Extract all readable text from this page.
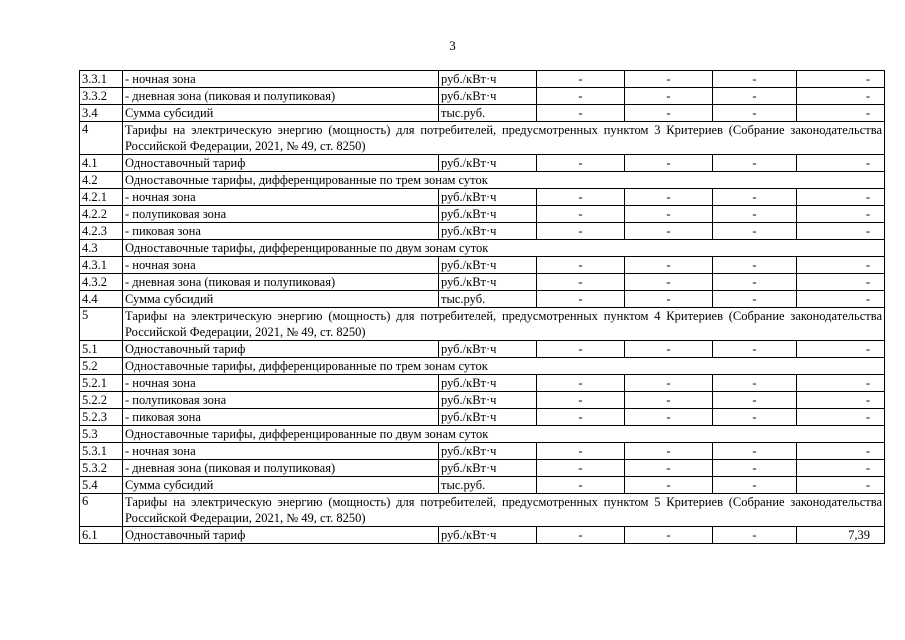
3
3.3.1	- ночная зона	руб./кВт·ч	-	-	-	-
3.3.2	- дневная зона (пиковая и полупиковая)	руб./кВт·ч	-	-	-	-
3.4	Сумма субсидий	тыс.руб.	-	-	-	-
4	Тарифы на электрическую энергию (мощность) для потребителей, предусмотренных пунктом 3 Критериев (Собрание законодательства Российской Федерации, 2021, № 49, ст. 8250)					
4.1	Одноставочный тариф	руб./кВт·ч	-	-	-	-
4.2	Одноставочные тарифы, дифференцированные по трем зонам суток					
4.2.1	- ночная зона	руб./кВт·ч	-	-	-	-
4.2.2	- полупиковая зона	руб./кВт·ч	-	-	-	-
4.2.3	- пиковая зона	руб./кВт·ч	-	-	-	-
4.3	Одноставочные тарифы, дифференцированные по двум зонам суток					
4.3.1	- ночная зона	руб./кВт·ч	-	-	-	-
4.3.2	- дневная зона (пиковая и полупиковая)	руб./кВт·ч	-	-	-	-
4.4	Сумма субсидий	тыс.руб.	-	-	-	-
5	Тарифы на электрическую энергию (мощность) для потребителей, предусмотренных пунктом 4 Критериев (Собрание законодательства Российской Федерации, 2021, № 49, ст. 8250)					
5.1	Одноставочный тариф	руб./кВт·ч	-	-	-	-
5.2	Одноставочные тарифы, дифференцированные по трем зонам суток					
5.2.1	- ночная зона	руб./кВт·ч	-	-	-	-
5.2.2	- полупиковая зона	руб./кВт·ч	-	-	-	-
5.2.3	- пиковая зона	руб./кВт·ч	-	-	-	-
5.3	Одноставочные тарифы, дифференцированные по двум зонам суток					
5.3.1	- ночная зона	руб./кВт·ч	-	-	-	-
5.3.2	- дневная зона (пиковая и полупиковая)	руб./кВт·ч	-	-	-	-
5.4	Сумма субсидий	тыс.руб.	-	-	-	-
6	Тарифы на электрическую энергию (мощность) для потребителей, предусмотренных пунктом 5 Критериев (Собрание законодательства Российской Федерации, 2021, № 49, ст. 8250)					
6.1	Одноставочный тариф	руб./кВт·ч	-	-	-	7,39
